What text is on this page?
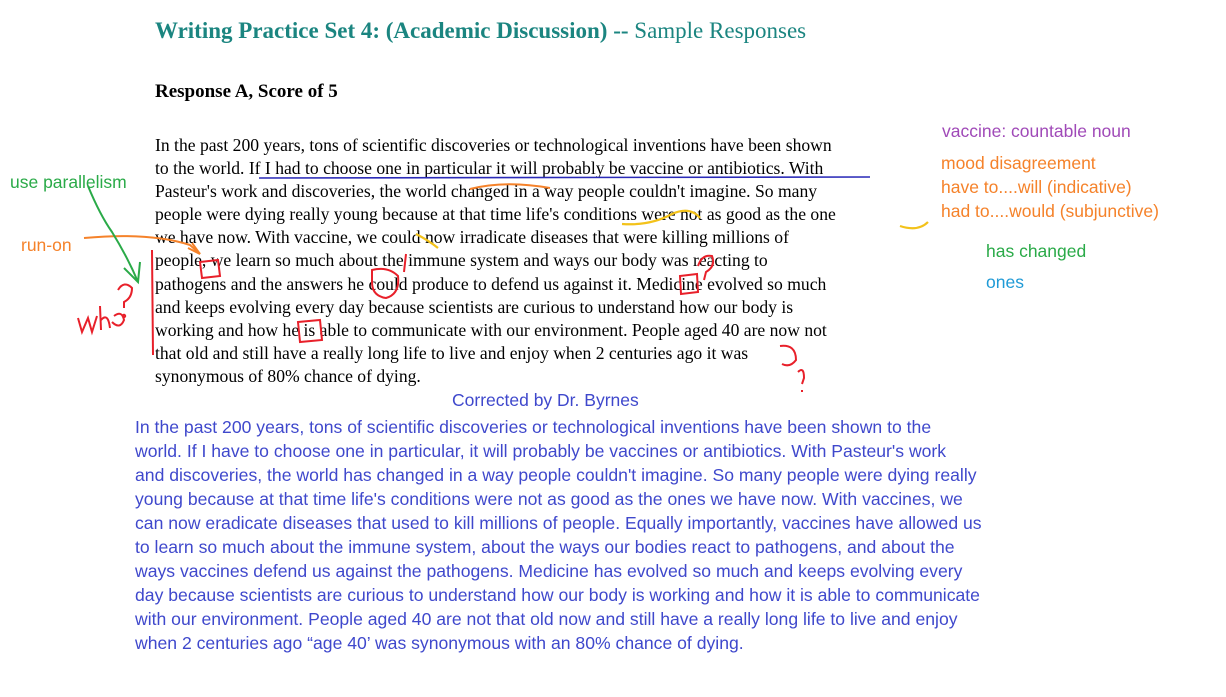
Writing Practice Set 4: (Academic Discussion) -- Sample Responses
Response A, Score of 5
In the past 200 years, tons of scientific discoveries or technological inventions have been shown
to the world. If I had to choose one in particular it will probably be vaccine or antibiotics. With
Pasteur's work and discoveries, the world changed in a way people couldn't imagine. So many
people were dying really young because at that time life's conditions were not as good as the one
we have now. With vaccine, we could now irradicate diseases that were killing millions of
people, we learn so much about the immune system and ways our body was reacting to
pathogens and the answers he could produce to defend us against it. Medicine evolved so much
and keeps evolving every day because scientists are curious to understand how our body is
working and how he is able to communicate with our environment. People aged 40 are now not
that old and still have a really long life to live and enjoy when 2 centuries ago it was
synonymous of 80% chance of dying.
vaccine: countable noun
mood disagreement
have to....will (indicative)
had to....would (subjunctive)
has changed
ones
use parallelism
run-on
Corrected by Dr. Byrnes
In the past 200 years, tons of scientific discoveries or technological inventions have been shown to the
world. If I have to choose one in particular, it will probably be vaccines or antibiotics. With Pasteur's work
and discoveries, the world has changed in a way people couldn't imagine. So many people were dying really
young because at that time life's conditions were not as good as the ones we have now. With vaccines, we
can now eradicate diseases that used to kill millions of people. Equally importantly, vaccines have allowed us
to learn so much about the immune system, about the ways our bodies react to pathogens, and about the
ways vaccines defend us against the pathogens. Medicine has evolved so much and keeps evolving every
day because scientists are curious to understand how our body is working and how it is able to communicate
with our environment. People aged 40 are not that old now and still have a really long life to live and enjoy
when 2 centuries ago “age 40’ was synonymous with an 80% chance of dying.
